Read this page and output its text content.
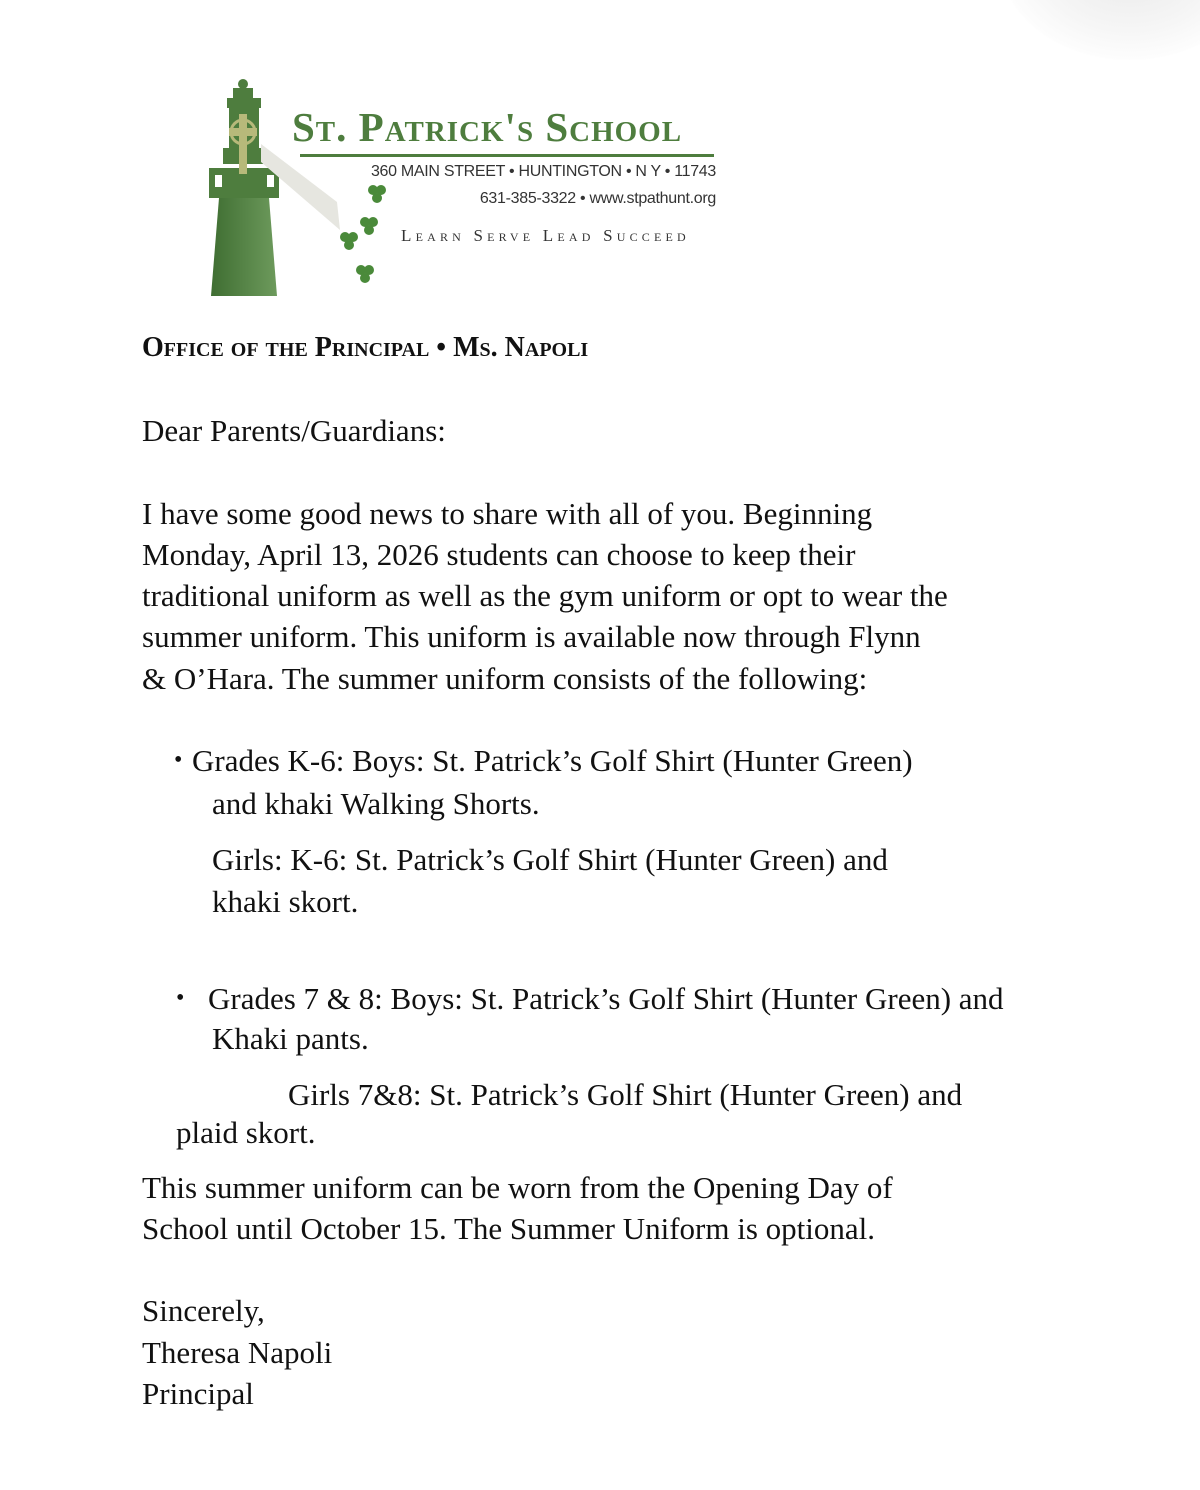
St. Patrick's School
360 MAIN STREET • HUNTINGTON • N Y • 11743
631-385-3322 • www.stpathunt.org
Learn Serve Lead Succeed
Office of the Principal • Ms. Napoli
Dear Parents/Guardians:
I have some good news to share with all of you. Beginning
Monday, April 13, 2026 students can choose to keep their
traditional uniform as well as the gym uniform or opt to wear the
summer uniform. This uniform is available now through Flynn
& O’Hara. The summer uniform consists of the following:
• Grades K-6: Boys: St. Patrick’s Golf Shirt (Hunter Green)
and khaki Walking Shorts.
Girls: K-6: St. Patrick’s Golf Shirt (Hunter Green) and
khaki skort.
• Grades 7 & 8: Boys: St. Patrick’s Golf Shirt (Hunter Green) and
Khaki pants.
Girls 7&8: St. Patrick’s Golf Shirt (Hunter Green) and
plaid skort.
This summer uniform can be worn from the Opening Day of
School until October 15. The Summer Uniform is optional.
Sincerely,
Theresa Napoli
Principal
